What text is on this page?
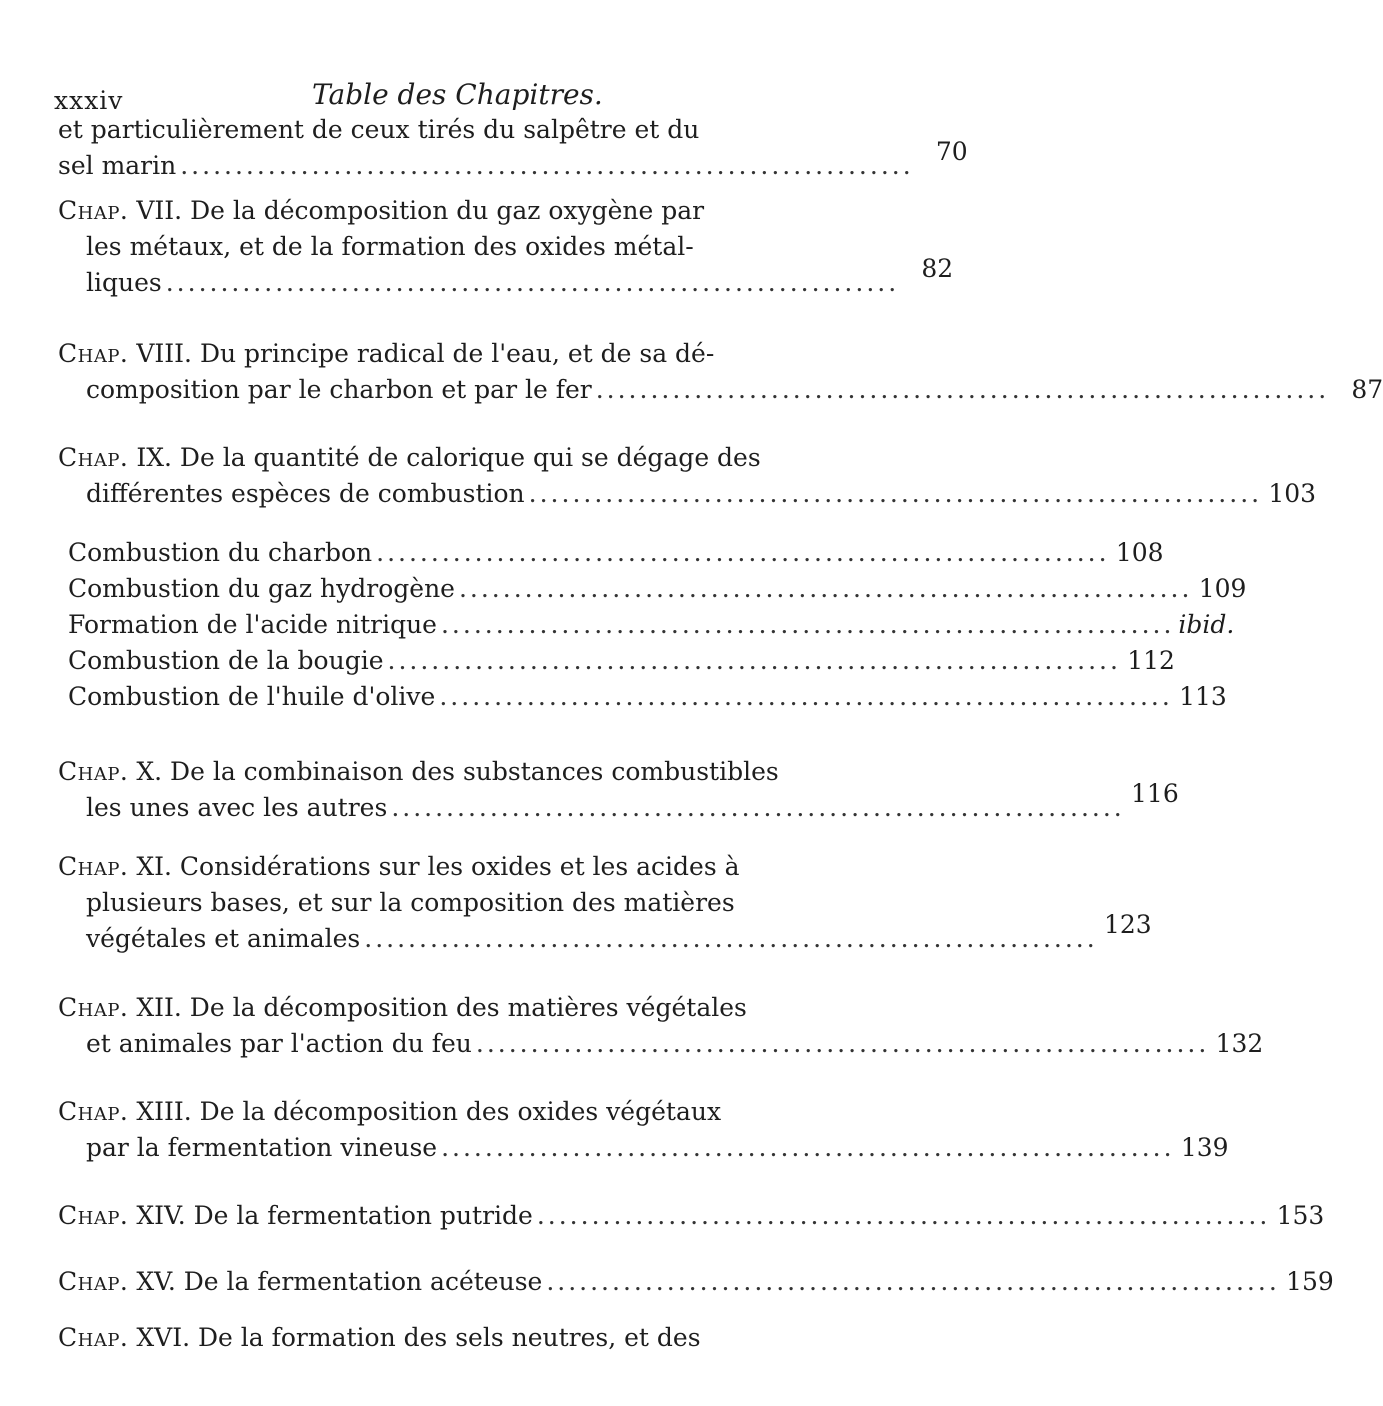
xxxiv	Table des Chapitres.
et particulièrement de ceux tirés du salpêtre et du
sel marin ................................................................... 70
Chap. VII. De la décomposition du gaz oxygène par
les métaux, et de la formation des oxides métal-
liques ................................................................... 82
Chap. VIII. Du principe radical de l'eau, et de sa dé-
composition par le charbon et par le fer ................................................................... 87
Chap. IX. De la quantité de calorique qui se dégage des
différentes espèces de combustion ................................................................... 103
Combustion du charbon ................................................................... 108
Combustion du gaz hydrogène ................................................................... 109
Formation de l'acide nitrique ................................................................... ibid.
Combustion de la bougie ................................................................... 112
Combustion de l'huile d'olive ................................................................... 113
Chap. X. De la combinaison des substances combustibles
les unes avec les autres ................................................................... 116
Chap. XI. Considérations sur les oxides et les acides à
plusieurs bases, et sur la composition des matières
végétales et animales ................................................................... 123
Chap. XII. De la décomposition des matières végétales
et animales par l'action du feu ................................................................... 132
Chap. XIII. De la décomposition des oxides végétaux
par la fermentation vineuse ................................................................... 139
Chap. XIV. De la fermentation putride ................................................................... 153
Chap. XV. De la fermentation acéteuse ................................................................... 159
Chap. XVI. De la formation des sels neutres, et des
